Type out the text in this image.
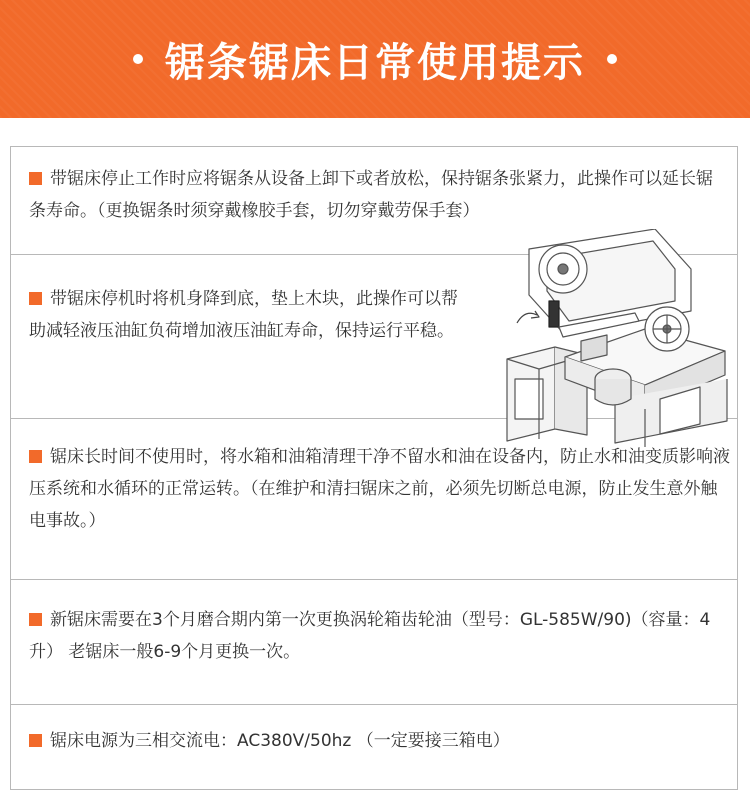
锯条锯床日常使用提示
带锯床停止工作时应将锯条从设备上卸下或者放松，保持锯条张紧力，此操作可以延长锯条寿命。（更换锯条时须穿戴橡胶手套，切勿穿戴劳保手套）
带锯床停机时将机身降到底，垫上木块，此操作可以帮助减轻液压油缸负荷增加液压油缸寿命，保持运行平稳。
锯床长时间不使用时，将水箱和油箱清理干净不留水和油在设备内，防止水和油变质影响液压系统和水循环的正常运转。（在维护和清扫锯床之前，必须先切断总电源，防止发生意外触电事故。）
新锯床需要在3个月磨合期内第一次更换涡轮箱齿轮油（型号：GL-585W/90)（容量：4升） 老锯床一般6-9个月更换一次。
锯床电源为三相交流电：AC380V/50hz （一定要接三箱电）
